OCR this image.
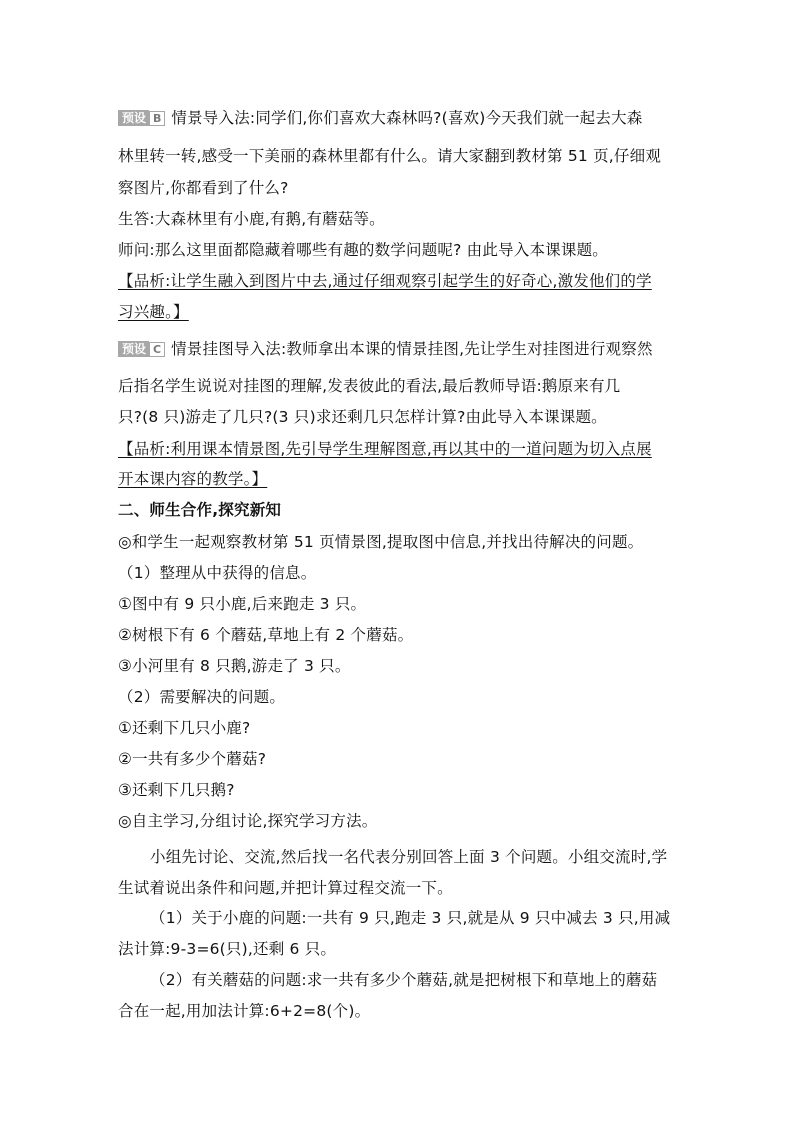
预设 B 情景导入法:同学们,你们喜欢大森林吗?(喜欢)今天我们就一起去大森
林里转一转,感受一下美丽的森林里都有什么。请大家翻到教材第 51 页,仔细观
察图片,你都看到了什么?
生答:大森林里有小鹿,有鹅,有蘑菇等。
师问:那么这里面都隐藏着哪些有趣的数学问题呢? 由此导入本课课题。
【品析:让学生融入到图片中去,通过仔细观察引起学生的好奇心,激发他们的学
习兴趣。】
预设 C 情景挂图导入法:教师拿出本课的情景挂图,先让学生对挂图进行观察然
后指名学生说说对挂图的理解,发表彼此的看法,最后教师导语:鹅原来有几
只?(8 只)游走了几只?(3 只)求还剩几只怎样计算?由此导入本课课题。
【品析:利用课本情景图,先引导学生理解图意,再以其中的一道问题为切入点展
开本课内容的教学。】
二、师生合作,探究新知
◎和学生一起观察教材第 51 页情景图,提取图中信息,并找出待解决的问题。
（1）整理从中获得的信息。
①图中有 9 只小鹿,后来跑走 3 只。
②树根下有 6 个蘑菇,草地上有 2 个蘑菇。
③小河里有 8 只鹅,游走了 3 只。
（2）需要解决的问题。
①还剩下几只小鹿?
②一共有多少个蘑菇?
③还剩下几只鹅?
◎自主学习,分组讨论,探究学习方法。
小组先讨论、交流,然后找一名代表分别回答上面 3 个问题。小组交流时,学
生试着说出条件和问题,并把计算过程交流一下。
（1）关于小鹿的问题:一共有 9 只,跑走 3 只,就是从 9 只中减去 3 只,用减
法计算:9-3=6(只),还剩 6 只。
（2）有关蘑菇的问题:求一共有多少个蘑菇,就是把树根下和草地上的蘑菇
合在一起,用加法计算:6+2=8(个)。
